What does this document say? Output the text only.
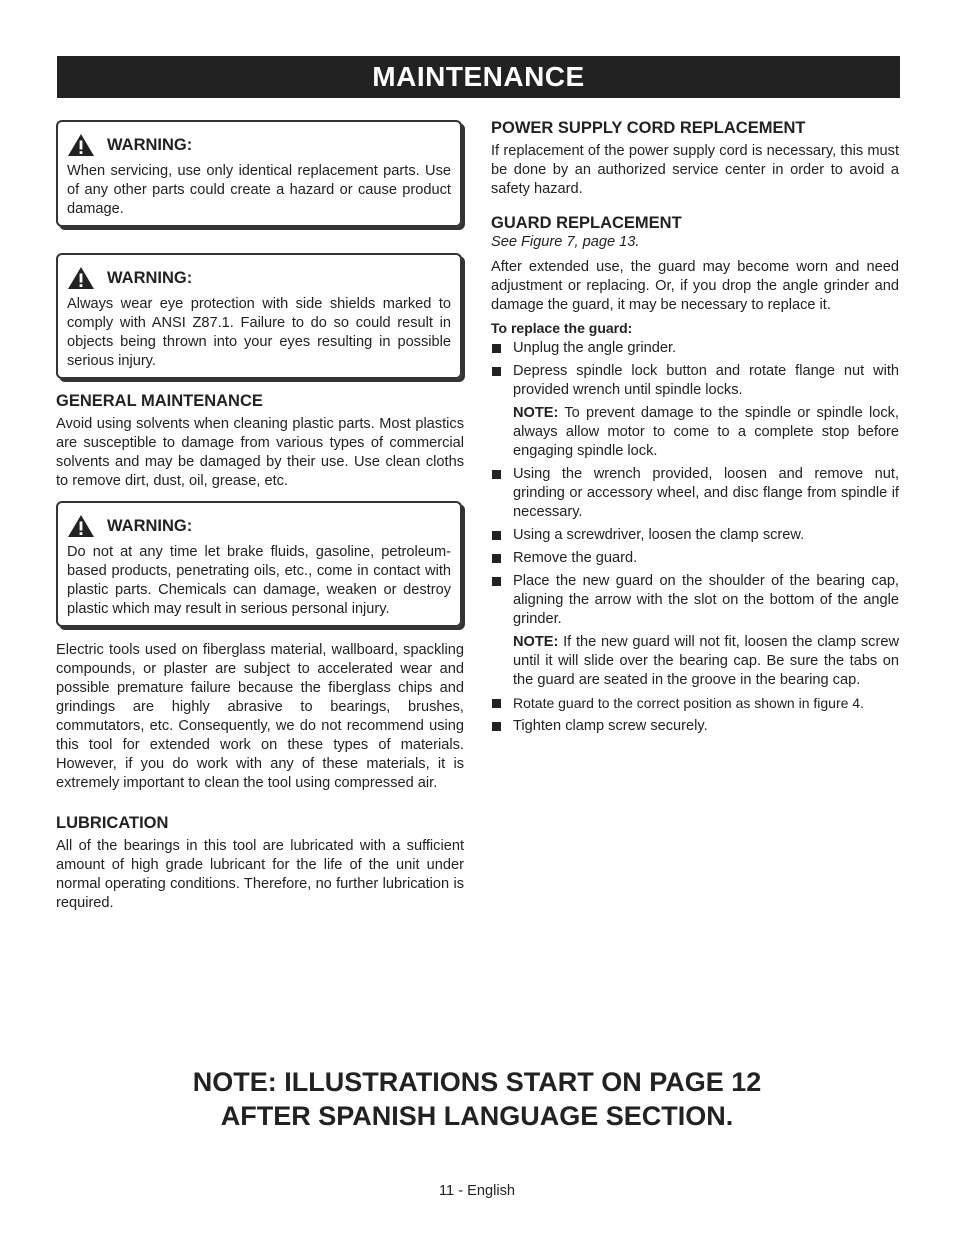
MAINTENANCE
WARNING:

When servicing, use only identical replacement parts. Use of any other parts could create a hazard or cause product damage.

WARNING:

Always wear eye protection with side shields marked to comply with ANSI Z87.1. Failure to do so could result in objects being thrown into your eyes resulting in possible serious injury.

GENERAL MAINTENANCE

Avoid using solvents when cleaning plastic parts. Most plastics are susceptible to damage from various types of commercial solvents and may be damaged by their use. Use clean cloths to remove dirt, dust, oil, grease, etc.

WARNING:

Do not at any time let brake fluids, gasoline, petroleum-based products, penetrating oils, etc., come in contact with plastic parts. Chemicals can damage, weaken or destroy plastic which may result in serious personal injury.

Electric tools used on fiberglass material, wallboard, spackling compounds, or plaster are subject to accelerated wear and possible premature failure because the fiberglass chips and grindings are highly abrasive to bearings, brushes, commutators, etc. Consequently, we do not recommend using this tool for extended work on these types of materials. However, if you do work with any of these materials, it is extremely important to clean the tool using compressed air.

LUBRICATION

All of the bearings in this tool are lubricated with a sufficient amount of high grade lubricant for the life of the unit under normal operating conditions. Therefore, no further lubrication is required.

POWER SUPPLY CORD REPLACEMENT

If replacement of the power supply cord is necessary, this must be done by an authorized service center in order to avoid a safety hazard.

GUARD REPLACEMENT
See Figure 7, page 13.

After extended use, the guard may become worn and need adjustment or replacing. Or, if you drop the angle grinder and damage the guard, it may be necessary to replace it.

To replace the guard:
Unplug the angle grinder.
Depress spindle lock button and rotate flange nut with provided wrench until spindle locks.
NOTE: To prevent damage to the spindle or spindle lock, always allow motor to come to a complete stop before engaging spindle lock.
Using the wrench provided, loosen and remove nut, grinding or accessory wheel, and disc flange from spindle if necessary.
Using a screwdriver, loosen the clamp screw.
Remove the guard.
Place the new guard on the shoulder of the bearing cap, aligning the arrow with the slot on the bottom of the angle grinder.
NOTE: If the new guard will not fit, loosen the clamp screw until it will slide over the bearing cap. Be sure the tabs on the guard are seated in the groove in the bearing cap.
Rotate guard to the correct position as shown in figure 4.
Tighten clamp screw securely.
NOTE: ILLUSTRATIONS START ON PAGE 12
AFTER SPANISH LANGUAGE SECTION.
11 - English
